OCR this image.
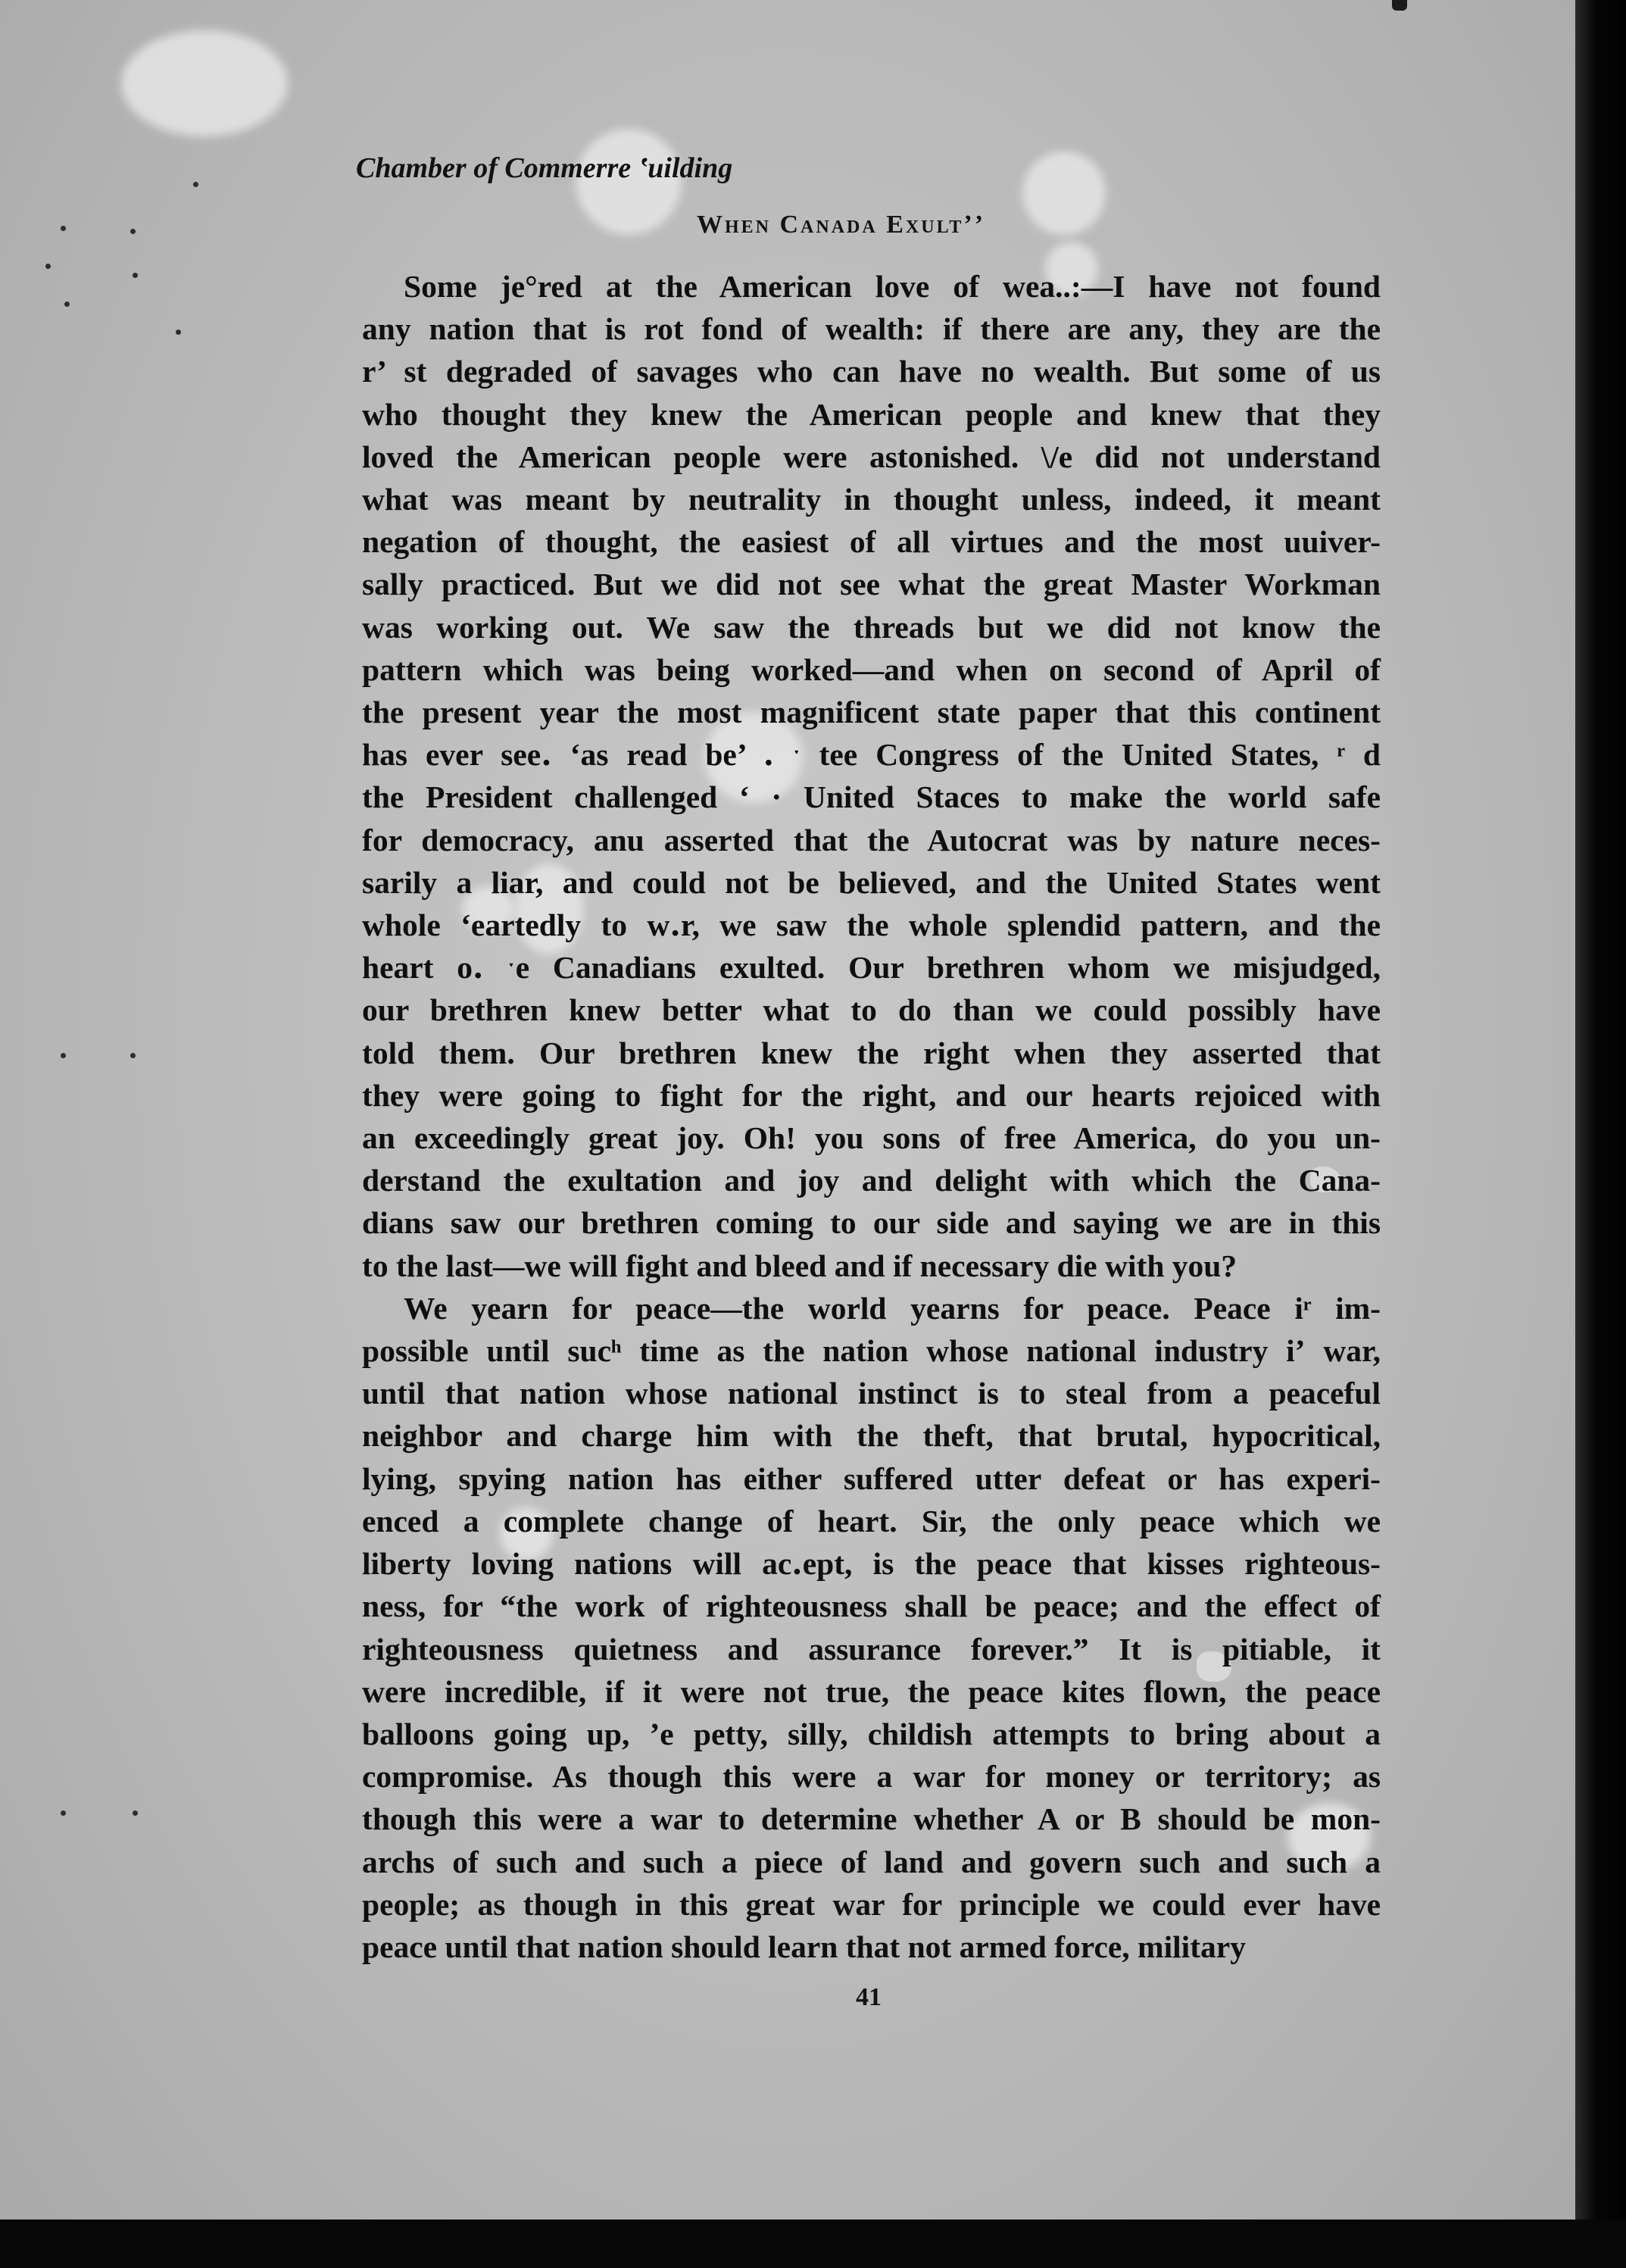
Chamber of Commerre ʽuilding
When Canada Exultʼ’
Some je°red at the American love of wea..:—I have not found
any nation that is rot fond of wealth: if there are any, they are the
r’ st degraded of savages who can have no wealth. But some of us
who thought they knew the American people and knew that they
loved the American people were astonished. \/e did not understand
what was meant by neutrality in thought unless, indeed, it meant
negation of thought, the easiest of all virtues and the most uuiver-
sally practiced. But we did not see what the great Master Workman
was working out. We saw the threads but we did not know the
pattern which was being worked—and when on second of April of
the present year the most magnificent state paper that this continent
has ever see․ ʻas read be’ ․ ˑ tеe Congress of the United States, ʳ d
the President challenged ‘ · United Staces to make the world safe
for democracy, anu asserted that the Autocrat was by nature neces-
sarily a liar, and could not be believed, and the United States went
whole ʻeartedly to w․r, we saw the whole splendid pattern, and the
heart o․ ˑe Canadians exulted. Our brethren whom we misjudged,
our brethren knew better what to do than we could possibly have
told them. Our brethren knew the right when they asserted that
they were going to fight for the right, and our hearts rejoiced with
an exceedingly great joy. Oh! you sons of free America, do you un-
derstand the exultation and joy and delight with which the Cana-
dians saw our brethren coming to our side and saying we are in this
to the last—we will fight and bleed and if necessary die with you?
We yearn for peace—the world yearns for peace. Peace iʳ im-
possible until sucʰ time as the nation whose national industry iʼ war,
until that nation whose national instinct is to steal from a peaceful
neighbor and charge him with the theft, that brutal, hypocritical,
lying, spying nation has either suffered utter defeat or has experi-
enced a complete change of heart. Sir, the only peace which we
liberty loving nations will ac․ept, is the peace that kisses righteous-
ness, for “the work of righteousness shall be peace; and the effect of
righteousness quietness and assurance forever.” It is pitiable, it
were incredible, if it were not true, the peace kites flown, the peace
balloons going up, ʼe petty, silly, childish attempts to bring about a
compromise. As though this were a war for money or territory; as
though this were a war to determine whether A or B should be mon-
archs of such and such a piece of land and govern such and such a
people; as though in this great war for principle we could ever have
peace until that nation should learn that not armed force, military
41
